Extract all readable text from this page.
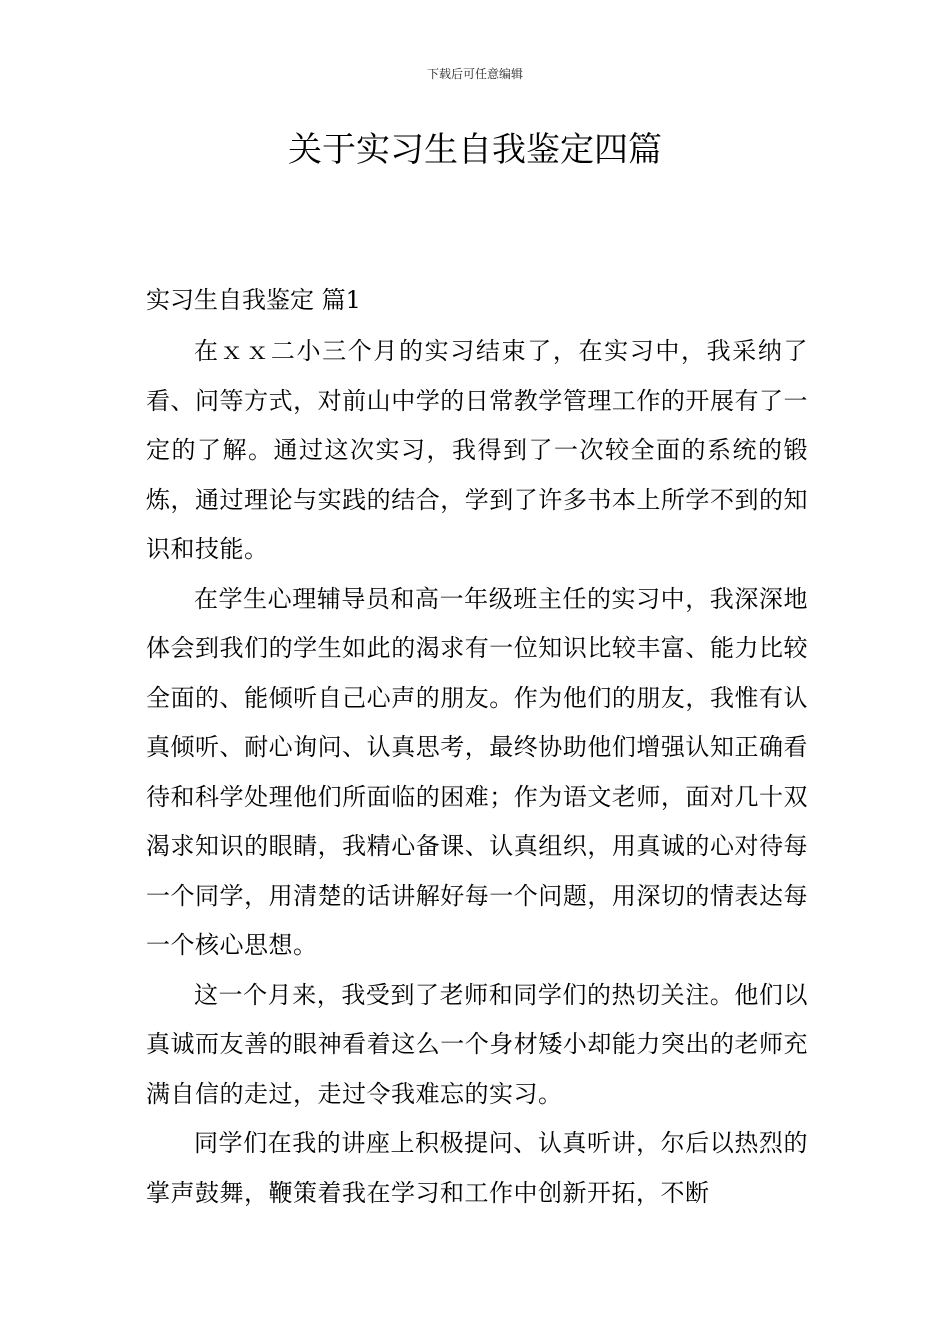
下载后可任意编辑
关于实习生自我鉴定四篇
实习生自我鉴定 篇1

在ｘｘ二小三个月的实习结束了，在实习中，我采纳了看、问等方式，对前山中学的日常教学管理工作的开展有了一定的了解。通过这次实习，我得到了一次较全面的系统的锻炼，通过理论与实践的结合，学到了许多书本上所学不到的知识和技能。

在学生心理辅导员和高一年级班主任的实习中，我深深地体会到我们的学生如此的渴求有一位知识比较丰富、能力比较全面的、能倾听自己心声的朋友。作为他们的朋友，我惟有认真倾听、耐心询问、认真思考，最终协助他们增强认知正确看待和科学处理他们所面临的困难；作为语文老师，面对几十双渴求知识的眼睛，我精心备课、认真组织，用真诚的心对待每一个同学，用清楚的话讲解好每一个问题，用深切的情表达每一个核心思想。

这一个月来，我受到了老师和同学们的热切关注。他们以真诚而友善的眼神看着这么一个身材矮小却能力突出的老师充满自信的走过，走过令我难忘的实习。

同学们在我的讲座上积极提问、认真听讲，尔后以热烈的掌声鼓舞，鞭策着我在学习和工作中创新开拓，不断
